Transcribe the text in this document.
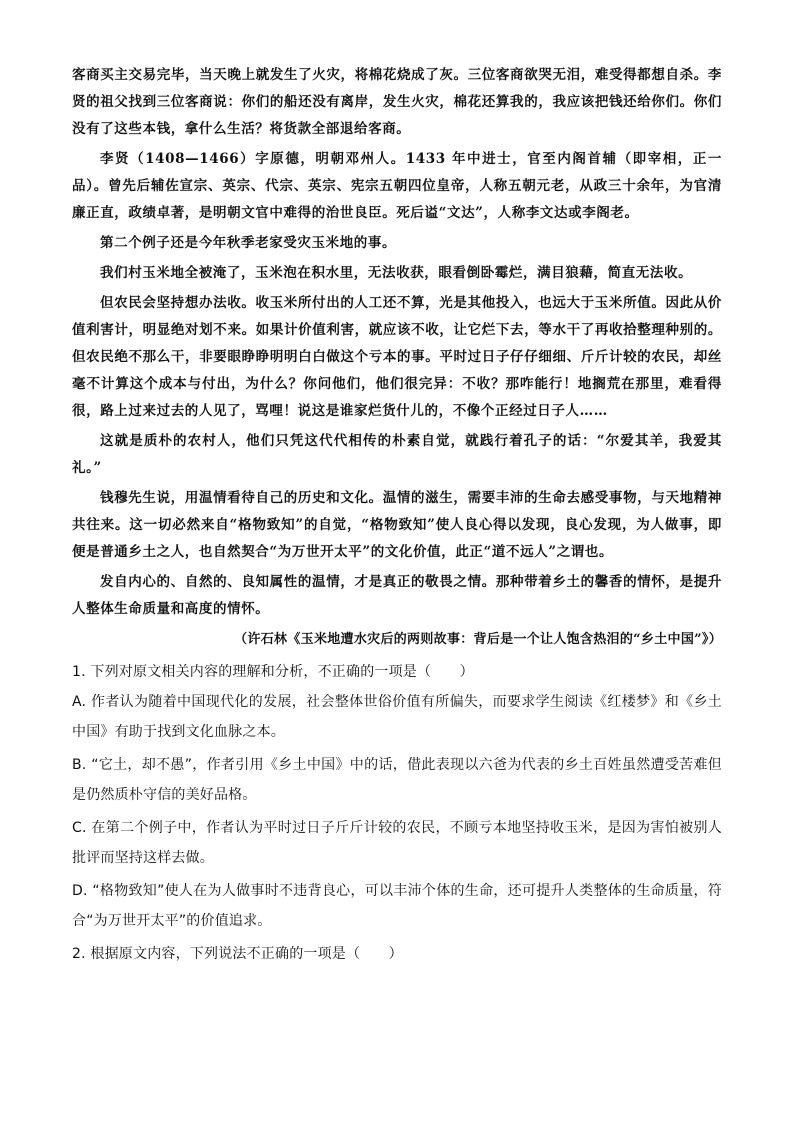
客商买主交易完毕，当天晚上就发生了火灾，将棉花烧成了灰。三位客商欲哭无泪，难受得都想自杀。李贤的祖父找到三位客商说：你们的船还没有离岸，发生火灾，棉花还算我的，我应该把钱还给你们。你们没有了这些本钱，拿什么生活？将货款全部退给客商。

李贤（1408—1466）字原德，明朝邓州人。1433 年中进士，官至内阁首辅（即宰相，正一品）。曾先后辅佐宣宗、英宗、代宗、英宗、宪宗五朝四位皇帝，人称五朝元老，从政三十余年，为官清廉正直，政绩卓著，是明朝文官中难得的治世良臣。死后谥“文达”，人称李文达或李阁老。

第二个例子还是今年秋季老家受灾玉米地的事。

我们村玉米地全被淹了，玉米泡在积水里，无法收获，眼看倒卧霉烂，满目狼藉，简直无法收。

但农民会坚持想办法收。收玉米所付出的人工还不算，光是其他投入，也远大于玉米所值。因此从价值利害计，明显绝对划不来。如果计价值利害，就应该不收，让它烂下去，等水干了再收拾整理种别的。但农民绝不那么干，非要眼睁睁明明白白做这个亏本的事。平时过日子仔仔细细、斤斤计较的农民，却丝毫不计算这个成本与付出，为什么？你问他们，他们很完异：不收？那咋能行！地搁荒在那里，难看得很，路上过来过去的人见了，骂哩！说这是谁家烂货什儿的，不像个正经过日子人……

这就是质朴的农村人，他们只凭这代代相传的朴素自觉，就践行着孔子的话：“尔爱其羊，我爱其礼。”

钱穆先生说，用温情看待自己的历史和文化。温情的滋生，需要丰沛的生命去感受事物，与天地精神共往来。这一切必然来自“格物致知”的自觉，“格物致知”使人良心得以发现，良心发现，为人做事，即便是普通乡土之人，也自然契合“为万世开太平”的文化价值，此正“道不远人”之谓也。

发自内心的、自然的、良知属性的温情，才是真正的敬畏之情。那种带着乡土的馨香的情怀，是提升人整体生命质量和高度的情怀。

（许石林《玉米地遭水灾后的两则故事：背后是一个让人饱含热泪的“乡土中国”》）

1. 下列对原文相关内容的理解和分析，不正确的一项是（　　）

A. 作者认为随着中国现代化的发展，社会整体世俗价值有所偏失，而要求学生阅读《红楼梦》和《乡土中国》有助于找到文化血脉之本。

B. “它土，却不愚”，作者引用《乡土中国》中的话，借此表现以六爸为代表的乡土百姓虽然遭受苦难但是仍然质朴守信的美好品格。

C. 在第二个例子中，作者认为平时过日子斤斤计较的农民，不顾亏本地坚持收玉米，是因为害怕被别人批评而坚持这样去做。

D. “格物致知”使人在为人做事时不违背良心，可以丰沛个体的生命，还可提升人类整体的生命质量，符合“为万世开太平”的价值追求。

2. 根据原文内容，下列说法不正确的一项是（　　）
